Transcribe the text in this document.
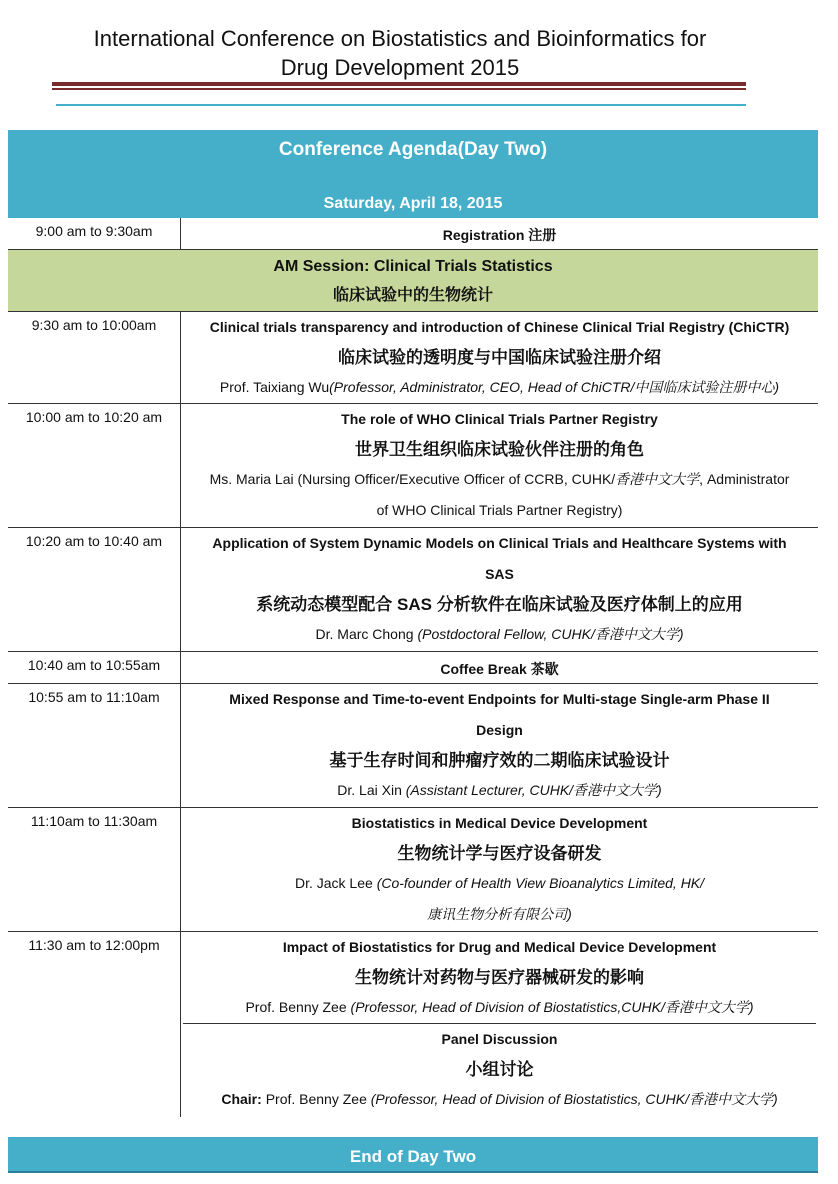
International Conference on Biostatistics and Bioinformatics for
Drug Development 2015
Conference Agenda(Day Two)
Saturday, April 18, 2015
9:00 am to 9:30am	Registration 注册
AM Session: Clinical Trials Statistics
临床试验中的生物统计
9:30 am to 10:00am	Clinical trials transparency and introduction of Chinese Clinical Trial Registry (ChiCTR)
临床试验的透明度与中国临床试验注册介绍
Prof. Taixiang Wu(Professor, Administrator, CEO, Head of ChiCTR/中国临床试验注册中心)
10:00 am to 10:20 am	The role of WHO Clinical Trials Partner Registry
世界卫生组织临床试验伙伴注册的角色
Ms. Maria Lai (Nursing Officer/Executive Officer of CCRB, CUHK/香港中文大学, Administrator
of WHO Clinical Trials Partner Registry)
10:20 am to 10:40 am	Application of System Dynamic Models on Clinical Trials and Healthcare Systems with
SAS
系统动态模型配合 SAS 分析软件在临床试验及医疗体制上的应用
Dr. Marc Chong (Postdoctoral Fellow, CUHK/香港中文大学)
10:40 am to 10:55am	Coffee Break 茶歇
10:55 am to 11:10am	Mixed Response and Time-to-event Endpoints for Multi-stage Single-arm Phase II
Design
基于生存时间和肿瘤疗效的二期临床试验设计
Dr. Lai Xin (Assistant Lecturer, CUHK/香港中文大学)
11:10am to 11:30am	Biostatistics in Medical Device Development
生物统计学与医疗设备研发
Dr. Jack Lee (Co-founder of Health View Bioanalytics Limited, HK/
康讯生物分析有限公司)
11:30 am to 12:00pm	Impact of Biostatistics for Drug and Medical Device Development
生物统计对药物与医疗器械研发的影响
Prof. Benny Zee (Professor, Head of Division of Biostatistics,CUHK/香港中文大学)
Panel Discussion
小组讨论
Chair: Prof. Benny Zee (Professor, Head of Division of Biostatistics, CUHK/香港中文大学)
End of Day Two
